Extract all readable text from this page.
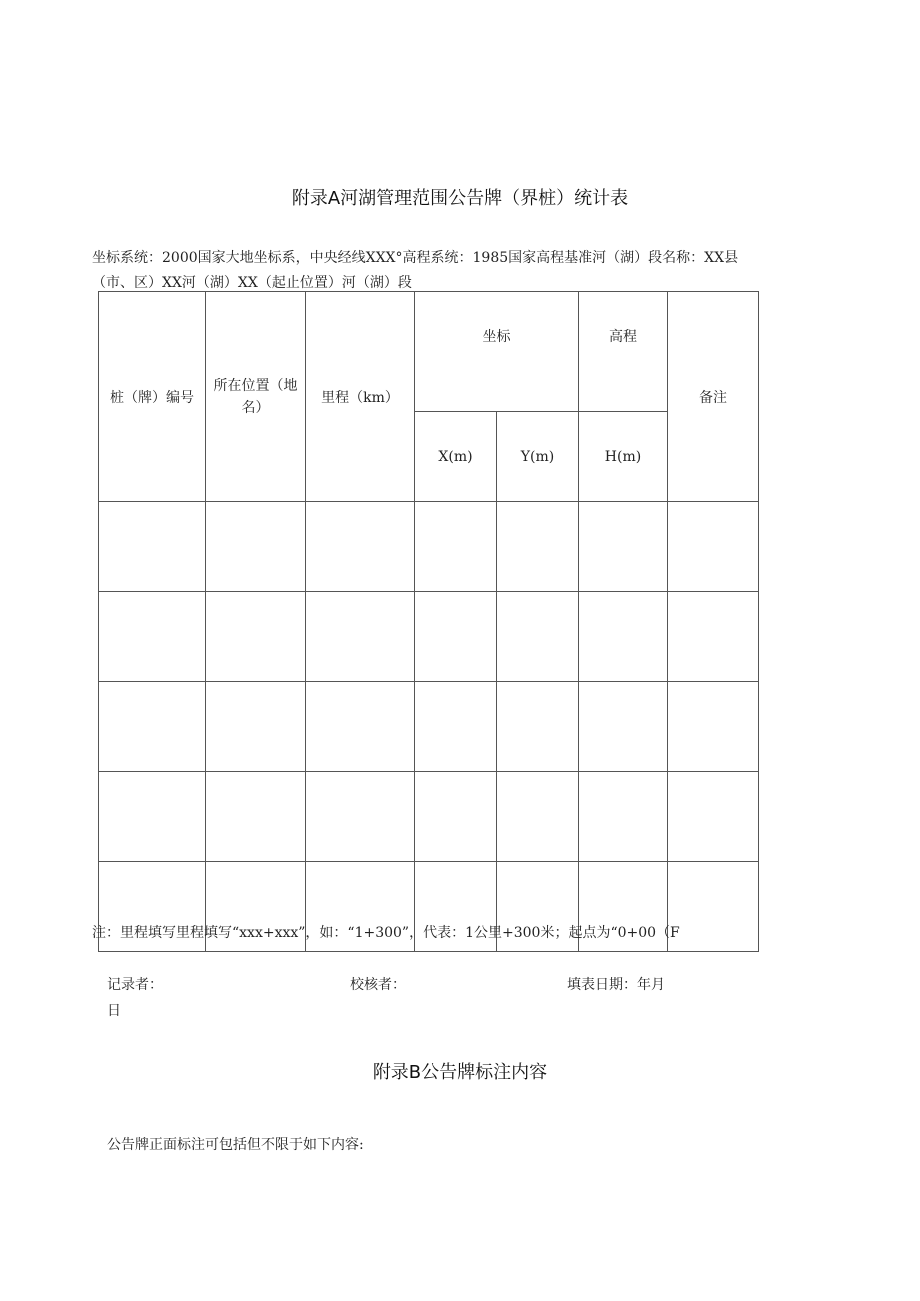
附录A河湖管理范围公告牌（界桩）统计表
坐标系统：2000国家大地坐标系，中央经线XXX°高程系统：1985国家高程基准河（湖）段名称：XX县
（市、区）XX河（湖）XX（起止位置）河（湖）段
桩（牌）编号	所在位置（地名）	里程（km）	坐标		高程	备注
			X(m)	Y(m)	H(m)	

注：里程填写里程填写“xxx+xxx”，如：“1+300”，代表：1公里+300米；起点为“0+00（F
记录者：	校核者：	填表日期：年月
日
附录B公告牌标注内容
公告牌正面标注可包括但不限于如下内容:
